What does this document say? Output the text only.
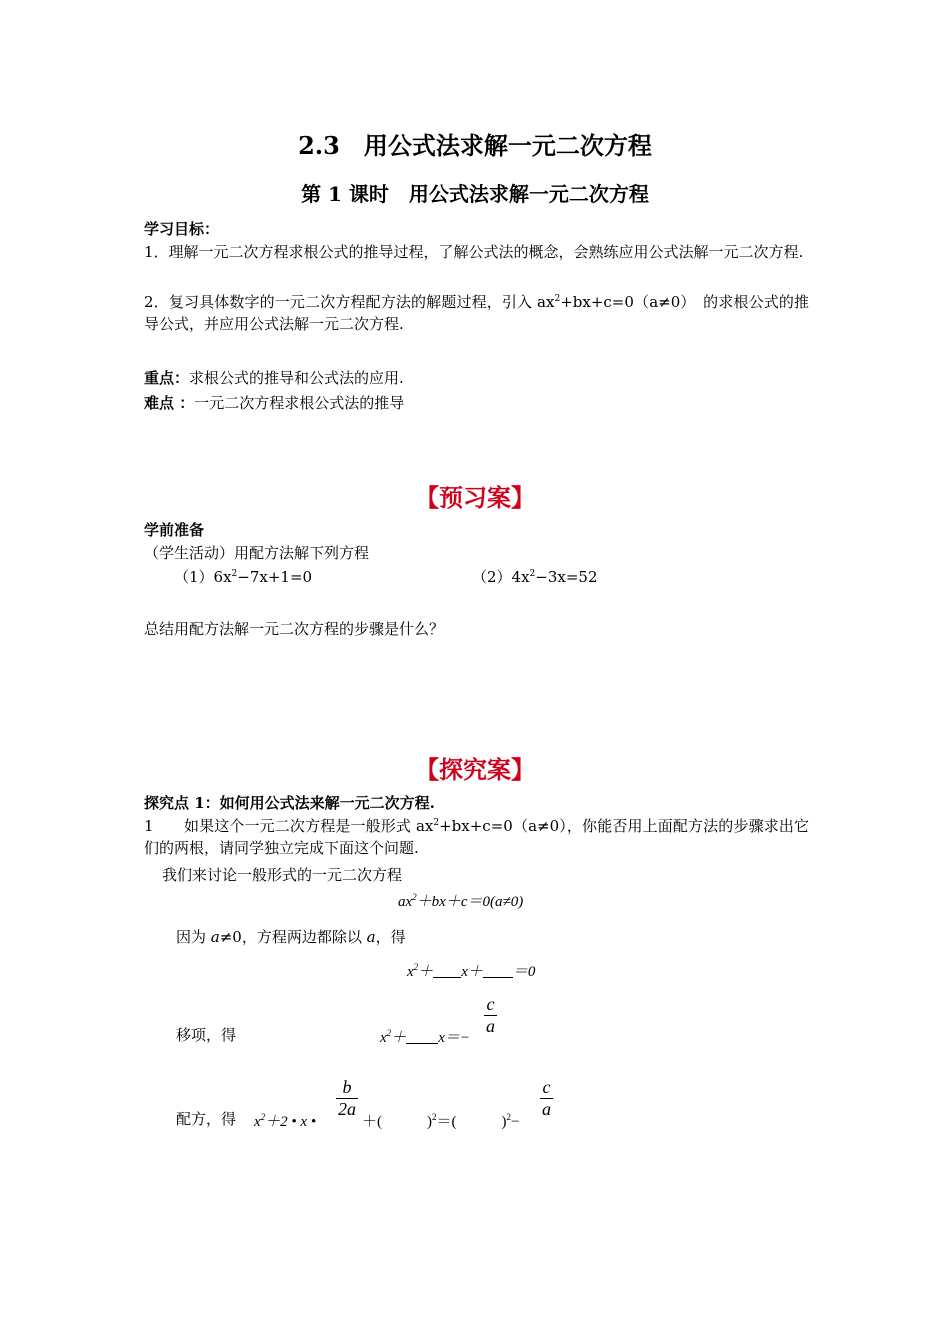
2.3　用公式法求解一元二次方程
第 1 课时　用公式法求解一元二次方程
学习目标：
1．理解一元二次方程求根公式的推导过程，了解公式法的概念，会熟练应用公式法解一元二次方程.
2．复习具体数字的一元二次方程配方法的解题过程，引入 $ax^2+bx+c=0(a\ne 0)$　的求根公式的推导公式，并应用公式法解一元二次方程.
重点：求根公式的推导和公式法的应用.
难点 ：一元二次方程求根公式法的推导
【预习案】
学前准备
（学生活动）用配方法解下列方程
$(1)6x^2-7x+1=0$	$(2)4x^2-3x=52$
总结用配方法解一元二次方程的步骤是什么？
【探究案】
探究点 1：如何用公式法来解一元二次方程.
1　　如果这个一元二次方程是一般形式 $ax^2+bx+c=0(a\ne 0)$，你能否用上面配方法的步骤求出它们的两根，请同学独立完成下面这个问题.
我们来讨论一般形式的一元二次方程
$ax^2+bx+c=0(a\ne 0)$
因为 a≠0，方程两边都除以 a，得
$x^2+ x+ =0$
移项，得	$x^2+ x=-$
c
a
配方，得 $x^2+2$ • x •
b
2a
＋(　　　)$^2$＝(　　　)$^2$−
c
a
